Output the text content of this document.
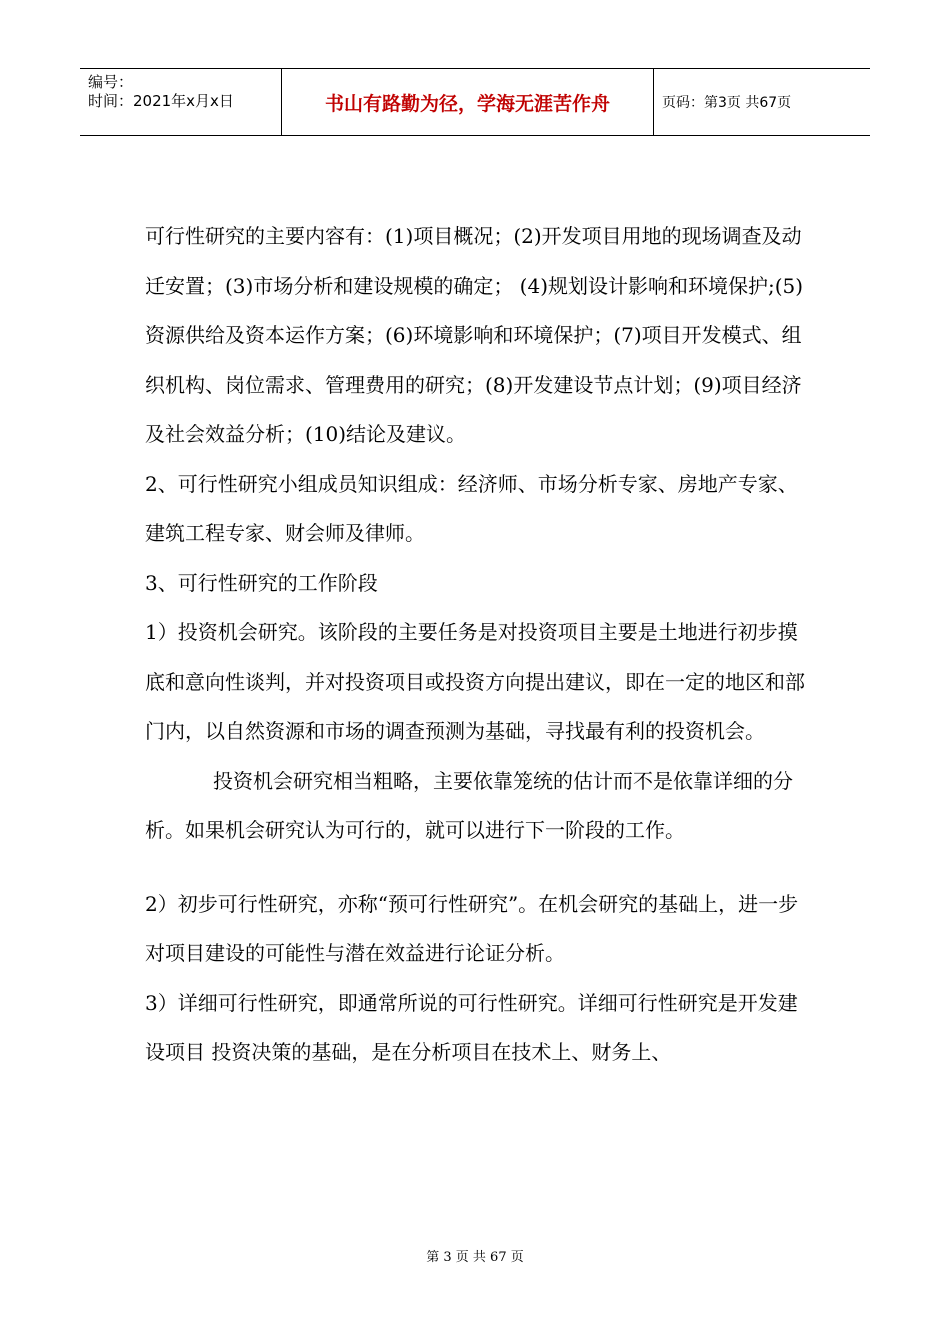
编号：
时间：2021年x月x日	书山有路勤为径，学海无涯苦作舟	页码：第3页 共67页

可行性研究的主要内容有：(1)项目概况；(2)开发项目用地的现场调查及动迁安置；(3)市场分析和建设规模的确定； (4)规划设计影响和环境保护;(5)资源供给及资本运作方案；(6)环境影响和环境保护；(7)项目开发模式、组织机构、岗位需求、管理费用的研究；(8)开发建设节点计划；(9)项目经济及社会效益分析；(10)结论及建议。

2、可行性研究小组成员知识组成：经济师、市场分析专家、房地产专家、建筑工程专家、财会师及律师。

3、可行性研究的工作阶段

1）投资机会研究。该阶段的主要任务是对投资项目主要是土地进行初步摸底和意向性谈判，并对投资项目或投资方向提出建议，即在一定的地区和部门内，以自然资源和市场的调查预测为基础，寻找最有利的投资机会。

投资机会研究相当粗略，主要依靠笼统的估计而不是依靠详细的分析。如果机会研究认为可行的，就可以进行下一阶段的工作。

2）初步可行性研究，亦称“预可行性研究”。在机会研究的基础上，进一步对项目建设的可能性与潜在效益进行论证分析。

3）详细可行性研究，即通常所说的可行性研究。详细可行性研究是开发建设项目 投资决策的基础，是在分析项目在技术上、财务上、

第 3 页 共 67 页
